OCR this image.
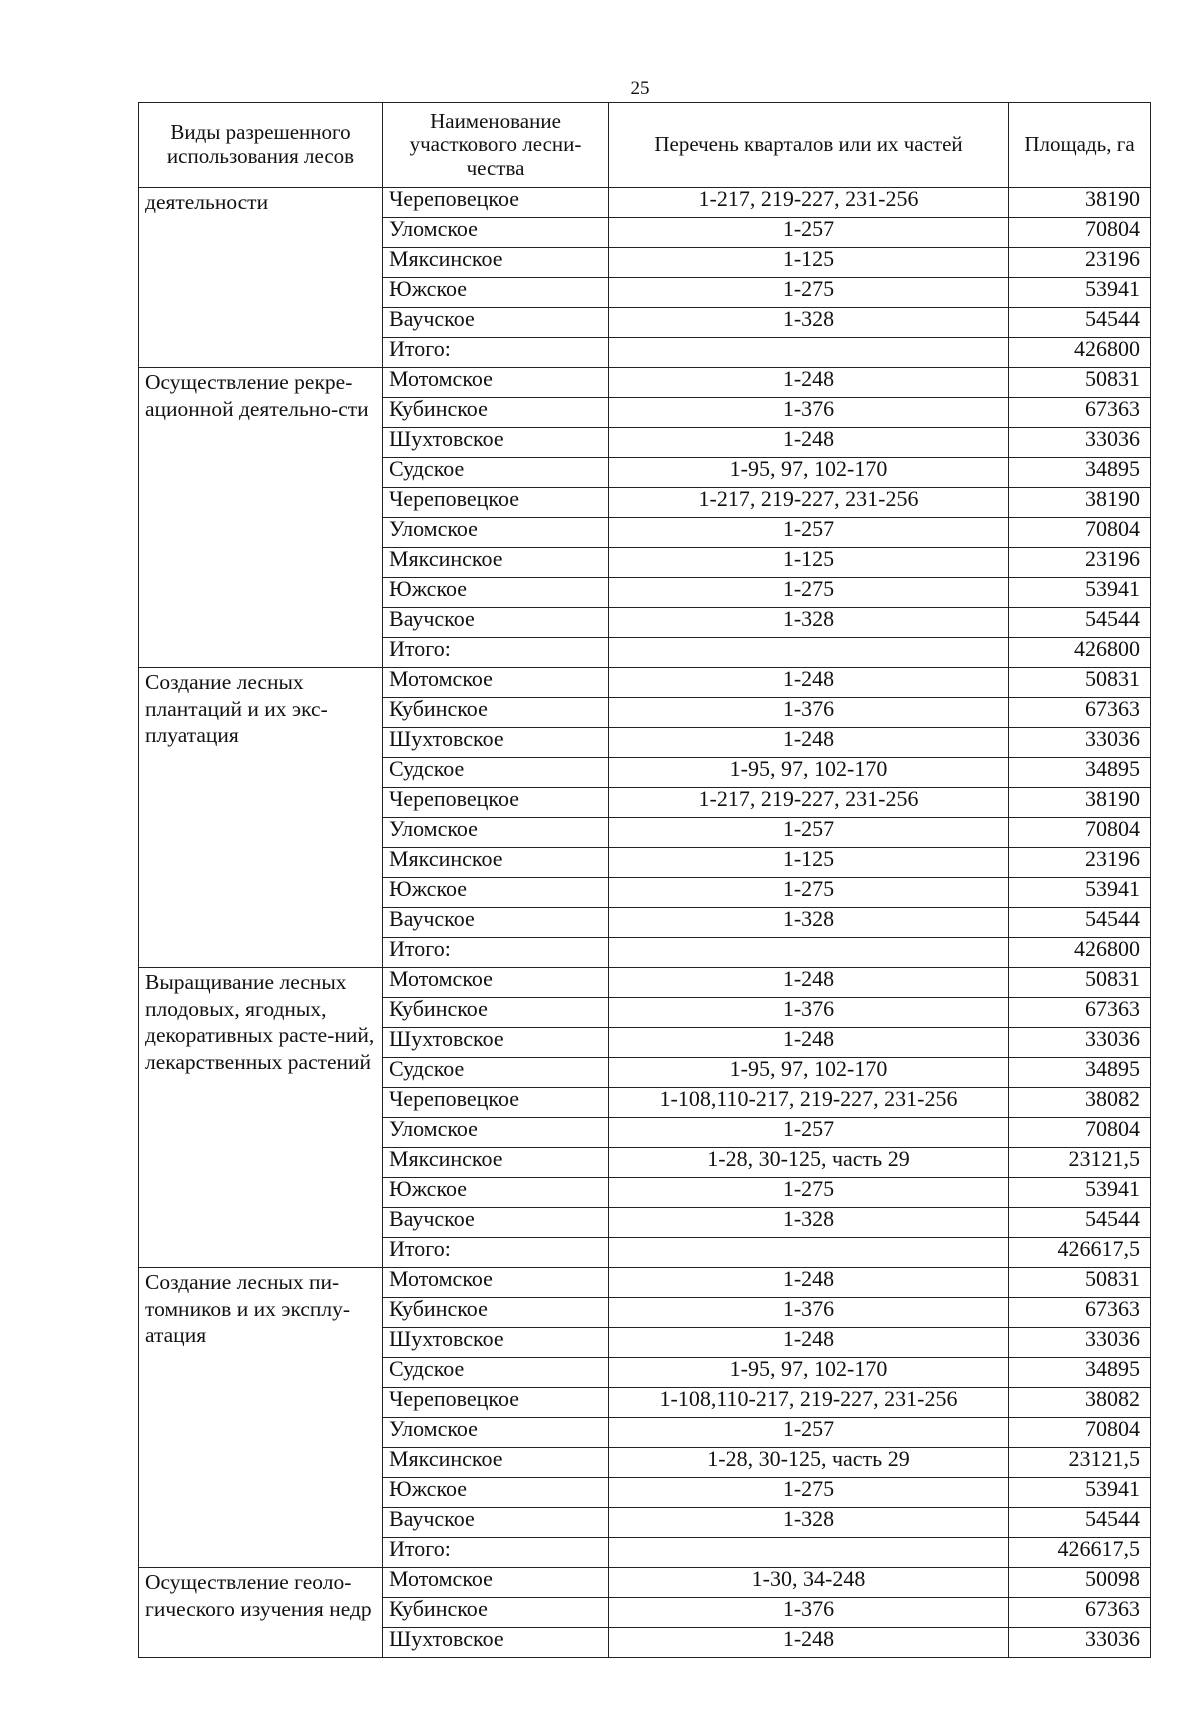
25
Виды разрешенного использования лесов	Наименование участкового лесни-чества	Перечень кварталов или их частей	Площадь, га
деятельности	Череповецкое	1-217, 219-227, 231-256	38190
	Уломское	1-257	70804
	Мяксинское	1-125	23196
	Южское	1-275	53941
	Ваучское	1-328	54544
	Итого:		426800
Осуществление рекре-ационной деятельно-сти	Мотомское	1-248	50831
	Кубинское	1-376	67363
	Шухтовское	1-248	33036
	Судское	1-95, 97, 102-170	34895
	Череповецкое	1-217, 219-227, 231-256	38190
	Уломское	1-257	70804
	Мяксинское	1-125	23196
	Южское	1-275	53941
	Ваучское	1-328	54544
	Итого:		426800
Создание лесных плантаций и их экс-плуатация	Мотомское	1-248	50831
	Кубинское	1-376	67363
	Шухтовское	1-248	33036
	Судское	1-95, 97, 102-170	34895
	Череповецкое	1-217, 219-227, 231-256	38190
	Уломское	1-257	70804
	Мяксинское	1-125	23196
	Южское	1-275	53941
	Ваучское	1-328	54544
	Итого:		426800
Выращивание лесных плодовых, ягодных, декоративных расте-ний, лекарственных растений	Мотомское	1-248	50831
	Кубинское	1-376	67363
	Шухтовское	1-248	33036
	Судское	1-95, 97, 102-170	34895
	Череповецкое	1-108,110-217, 219-227, 231-256	38082
	Уломское	1-257	70804
	Мяксинское	1-28, 30-125, часть 29	23121,5
	Южское	1-275	53941
	Ваучское	1-328	54544
	Итого:		426617,5
Создание лесных пи-томников и их эксплу-атация	Мотомское	1-248	50831
	Кубинское	1-376	67363
	Шухтовское	1-248	33036
	Судское	1-95, 97, 102-170	34895
	Череповецкое	1-108,110-217, 219-227, 231-256	38082
	Уломское	1-257	70804
	Мяксинское	1-28, 30-125, часть 29	23121,5
	Южское	1-275	53941
	Ваучское	1-328	54544
	Итого:		426617,5
Осуществление геоло-гического изучения недр	Мотомское	1-30, 34-248	50098
	Кубинское	1-376	67363
	Шухтовское	1-248	33036
